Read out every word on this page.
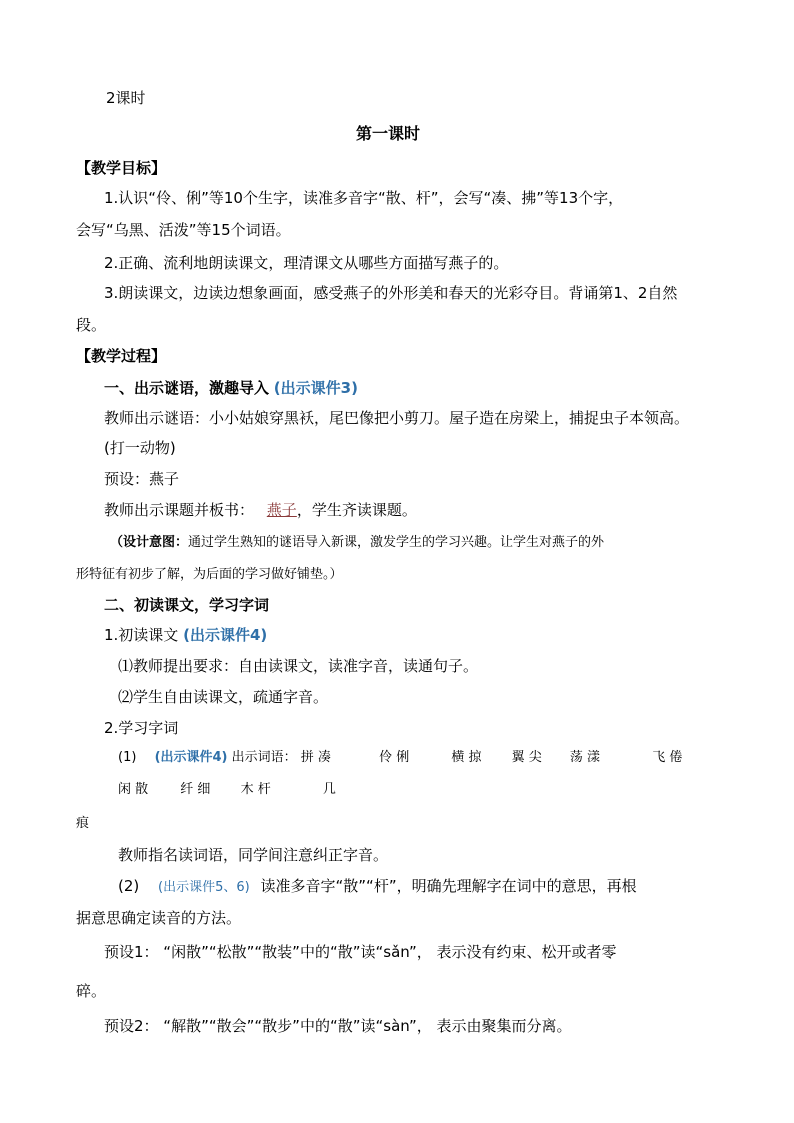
2课时
第一课时
【教学目标】
1.认识“伶、俐”等10个生字，读准多音字“散、杆”，会写“凑、拂”等13个字，
会写“乌黑、活泼”等15个词语。
2.正确、流利地朗读课文，理清课文从哪些方面描写燕子的。
3.朗读课文，边读边想象画面，感受燕子的外形美和春天的光彩夺目。背诵第1、2自然
段。
【教学过程】
一、出示谜语，激趣导入 (出示课件3)
教师出示谜语：小小姑娘穿黑袄，尾巴像把小剪刀。屋子造在房梁上，捕捉虫子本领高。
(打一动物)
预设：燕子
教师出示课题并板书： 燕子，学生齐读课题。
（设计意图：通过学生熟知的谜语导入新课，激发学生的学习兴趣。让学生对燕子的外
形特征有初步了解，为后面的学习做好铺垫。）
二、初读课文，学习字词
1.初读课文 (出示课件4)
⑴教师提出要求：自由读课文，读准字音，读通句子。
⑵学生自由读课文，疏通字音。
2.学习字词
(1) (出示课件4) 出示词语： 拼 凑	伶 俐	横 掠 翼 尖 荡 漾	飞 倦
闲 散 纤 细 木 杆	几
痕
教师指名读词语，同学间注意纠正字音。
(2) (出示课件5、6) 读准多音字“散”“杆”，明确先理解字在词中的意思，再根
据意思确定读音的方法。
预设1： “闲散”“松散”“散装”中的“散”读“sǎn”， 表示没有约束、松开或者零
碎。
预设2： “解散”“散会”“散步”中的“散”读“sàn”， 表示由聚集而分离。
